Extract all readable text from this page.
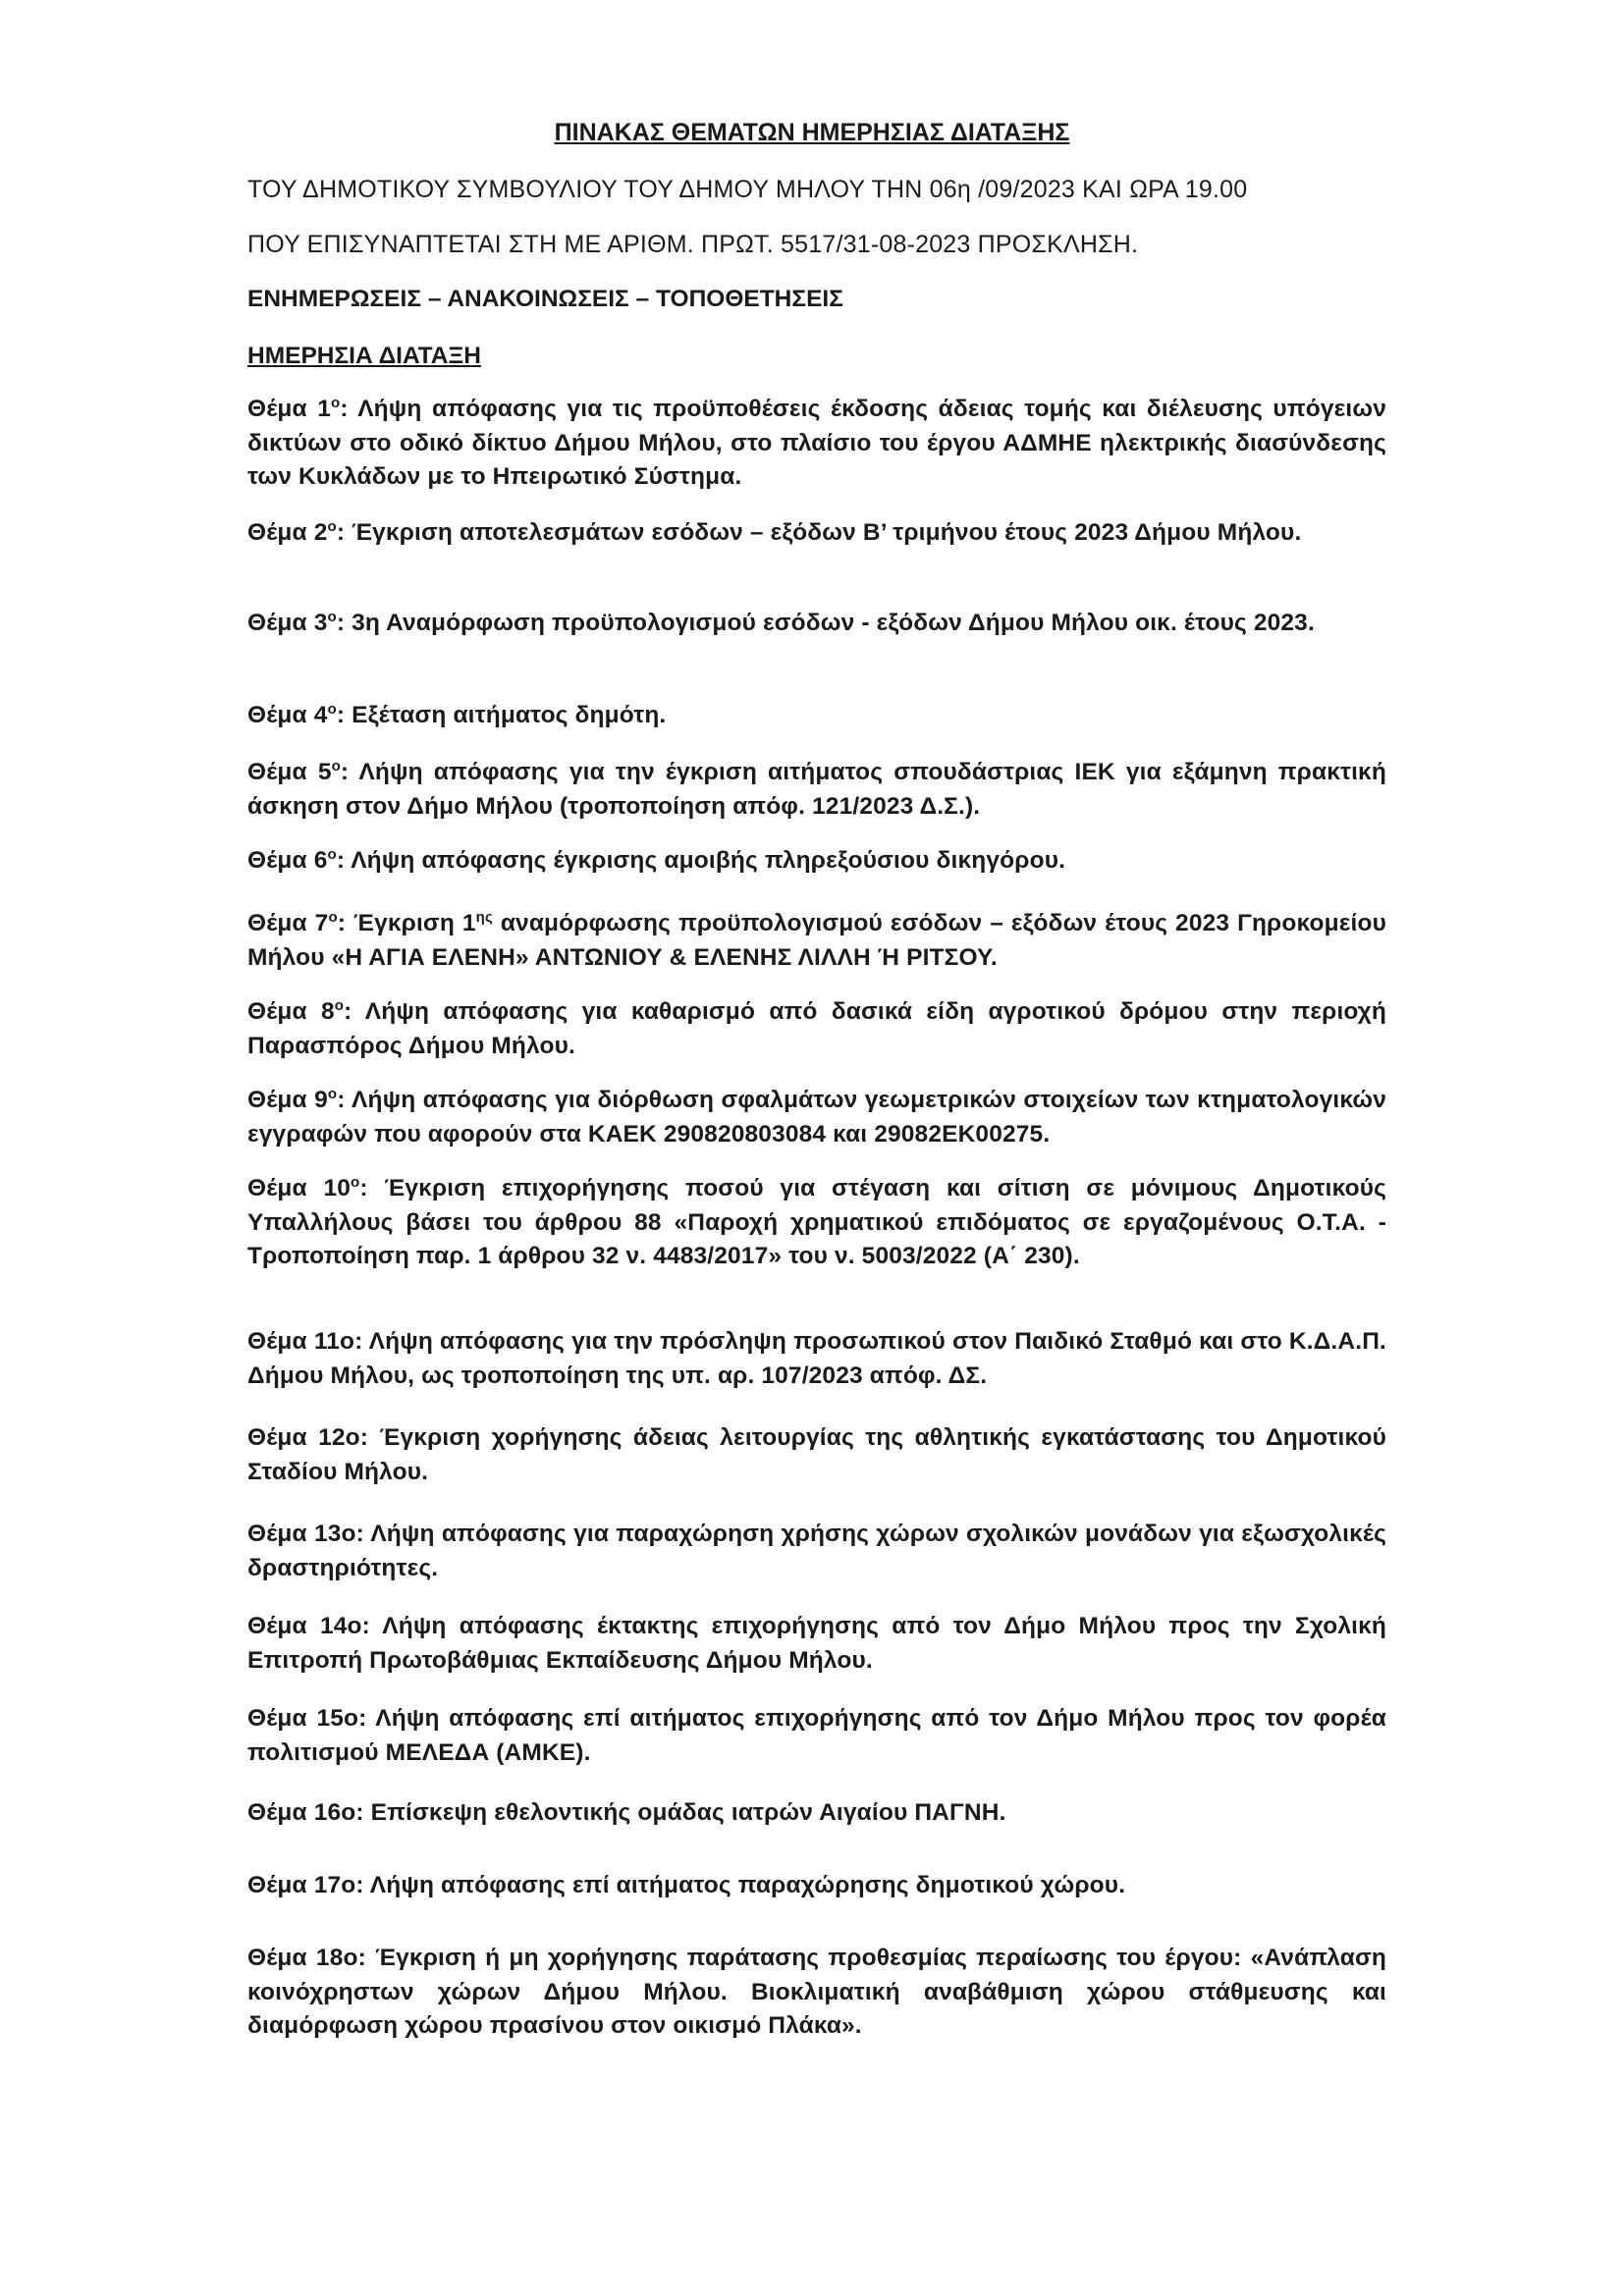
ΠΙΝΑΚΑΣ ΘΕΜΑΤΩΝ ΗΜΕΡΗΣΙΑΣ ΔΙΑΤΑΞΗΣ
ΤΟΥ ΔΗΜΟΤΙΚΟΥ ΣΥΜΒΟΥΛΙΟΥ ΤΟΥ ΔΗΜΟΥ ΜΗΛΟΥ ΤΗΝ 06η /09/2023 ΚΑΙ ΩΡΑ 19.00
ΠΟΥ ΕΠΙΣΥΝΑΠΤΕΤΑΙ ΣΤΗ ΜΕ ΑΡΙΘΜ. ΠΡΩΤ. 5517/31-08-2023 ΠΡΟΣΚΛΗΣΗ.
ΕΝΗΜΕΡΩΣΕΙΣ – ΑΝΑΚΟΙΝΩΣΕΙΣ – ΤΟΠΟΘΕΤΗΣΕΙΣ
ΗΜΕΡΗΣΙΑ ΔΙΑΤΑΞΗ
Θέμα $1^o$: Λήψη απόφασης για τις προϋποθέσεις έκδοσης άδειας τομής και διέλευσης υπόγειων δικτύων στο οδικό δίκτυο Δήμου Μήλου, στο πλαίσιο του έργου ΑΔΜΗΕ ηλεκτρικής διασύνδεσης των Κυκλάδων με το Ηπειρωτικό Σύστημα.
Θέμα $2^o$: Έγκριση αποτελεσμάτων εσόδων – εξόδων Β’ τριμήνου έτους 2023 Δήμου Μήλου.
Θέμα $3^o$: 3η Αναμόρφωση προϋπολογισμού εσόδων - εξόδων Δήμου Μήλου οικ. έτους 2023.
Θέμα $4^o$: Εξέταση αιτήματος δημότη.
Θέμα $5^o$: Λήψη απόφασης για την έγκριση αιτήματος σπουδάστριας ΙΕΚ για εξάμηνη πρακτική άσκηση στον Δήμο Μήλου (τροποποίηση απόφ. 121/2023 Δ.Σ.).
Θέμα $6^o$: Λήψη απόφασης έγκρισης αμοιβής πληρεξούσιου δικηγόρου.
Θέμα $7^o$: Έγκριση $1^{\eta\varsigma}$ αναμόρφωσης προϋπολογισμού εσόδων – εξόδων έτους 2023 Γηροκομείου Μήλου «Η ΑΓΙΑ ΕΛΕΝΗ» ΑΝΤΩΝΙΟΥ & ΕΛΕΝΗΣ ΛΙΛΛΗ Ή ΡΙΤΣΟΥ.
Θέμα $8^o$: Λήψη απόφασης για καθαρισμό από δασικά είδη αγροτικού δρόμου στην περιοχή Παρασπόρος Δήμου Μήλου.
Θέμα $9^o$: Λήψη απόφασης για διόρθωση σφαλμάτων γεωμετρικών στοιχείων των κτηματολογικών εγγραφών που αφορούν στα ΚΑΕΚ 290820803084 και 29082ΕΚ00275.
Θέμα $10^o$: Έγκριση επιχορήγησης ποσού για στέγαση και σίτιση σε μόνιμους Δημοτικούς Υπαλλήλους βάσει του άρθρου 88 «Παροχή χρηματικού επιδόματος σε εργαζομένους Ο.Τ.Α. - Τροποποίηση παρ. 1 άρθρου 32 ν. 4483/2017» του ν. 5003/2022 (Α΄ 230).
Θέμα 11ο: Λήψη απόφασης για την πρόσληψη προσωπικού στον Παιδικό Σταθμό και στο Κ.Δ.Α.Π. Δήμου Μήλου, ως τροποποίηση της υπ. αρ. 107/2023 απόφ. ΔΣ.
Θέμα 12ο: Έγκριση χορήγησης άδειας λειτουργίας της αθλητικής εγκατάστασης του Δημοτικού Σταδίου Μήλου.
Θέμα 13ο: Λήψη απόφασης για παραχώρηση χρήσης χώρων σχολικών μονάδων για εξωσχολικές δραστηριότητες.
Θέμα 14ο: Λήψη απόφασης έκτακτης επιχορήγησης από τον Δήμο Μήλου προς την Σχολική Επιτροπή Πρωτοβάθμιας Εκπαίδευσης Δήμου Μήλου.
Θέμα 15ο: Λήψη απόφασης επί αιτήματος επιχορήγησης από τον Δήμο Μήλου προς τον φορέα πολιτισμού ΜΕΛΕΔΑ (ΑΜΚΕ).
Θέμα 16ο: Επίσκεψη εθελοντικής ομάδας ιατρών Αιγαίου ΠΑΓΝΗ.
Θέμα 17ο: Λήψη απόφασης επί αιτήματος παραχώρησης δημοτικού χώρου.
Θέμα 18ο: Έγκριση ή μη χορήγησης παράτασης προθεσμίας περαίωσης του έργου: «Ανάπλαση κοινόχρηστων χώρων Δήμου Μήλου. Βιοκλιματική αναβάθμιση χώρου στάθμευσης και διαμόρφωση χώρου πρασίνου στον οικισμό Πλάκα».
